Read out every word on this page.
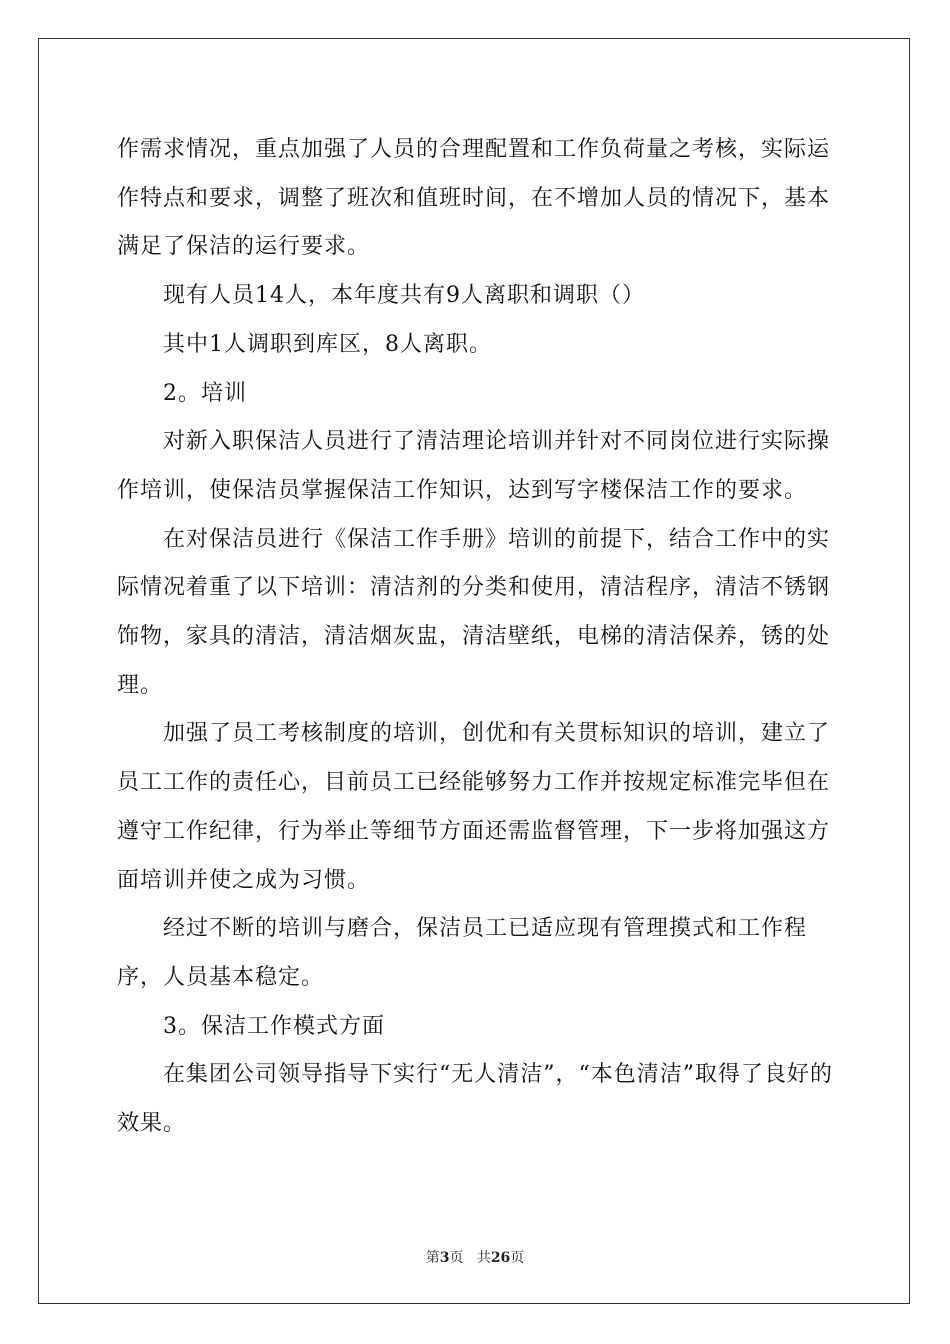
作需求情况，重点加强了人员的合理配置和工作负荷量之考核，实际运作特点和要求，调整了班次和值班时间，在不增加人员的情况下，基本满足了保洁的运行要求。

　　现有人员14人，本年度共有9人离职和调职（）

　　其中1人调职到库区，8人离职。

　　2。培训

　　对新入职保洁人员进行了清洁理论培训并针对不同岗位进行实际操作培训，使保洁员掌握保洁工作知识，达到写字楼保洁工作的要求。

　　在对保洁员进行《保洁工作手册》培训的前提下，结合工作中的实际情况着重了以下培训：清洁剂的分类和使用，清洁程序，清洁不锈钢饰物，家具的清洁，清洁烟灰盅，清洁壁纸，电梯的清洁保养，锈的处理。

　　加强了员工考核制度的培训，创优和有关贯标知识的培训，建立了员工工作的责任心，目前员工已经能够努力工作并按规定标准完毕但在遵守工作纪律，行为举止等细节方面还需监督管理，下一步将加强这方面培训并使之成为习惯。

　　经过不断的培训与磨合，保洁员工已适应现有管理摸式和工作程序，人员基本稳定。

　　3。保洁工作模式方面

　　在集团公司领导指导下实行“无人清洁”，“本色清洁”取得了良好的效果。

第3页 共26页
